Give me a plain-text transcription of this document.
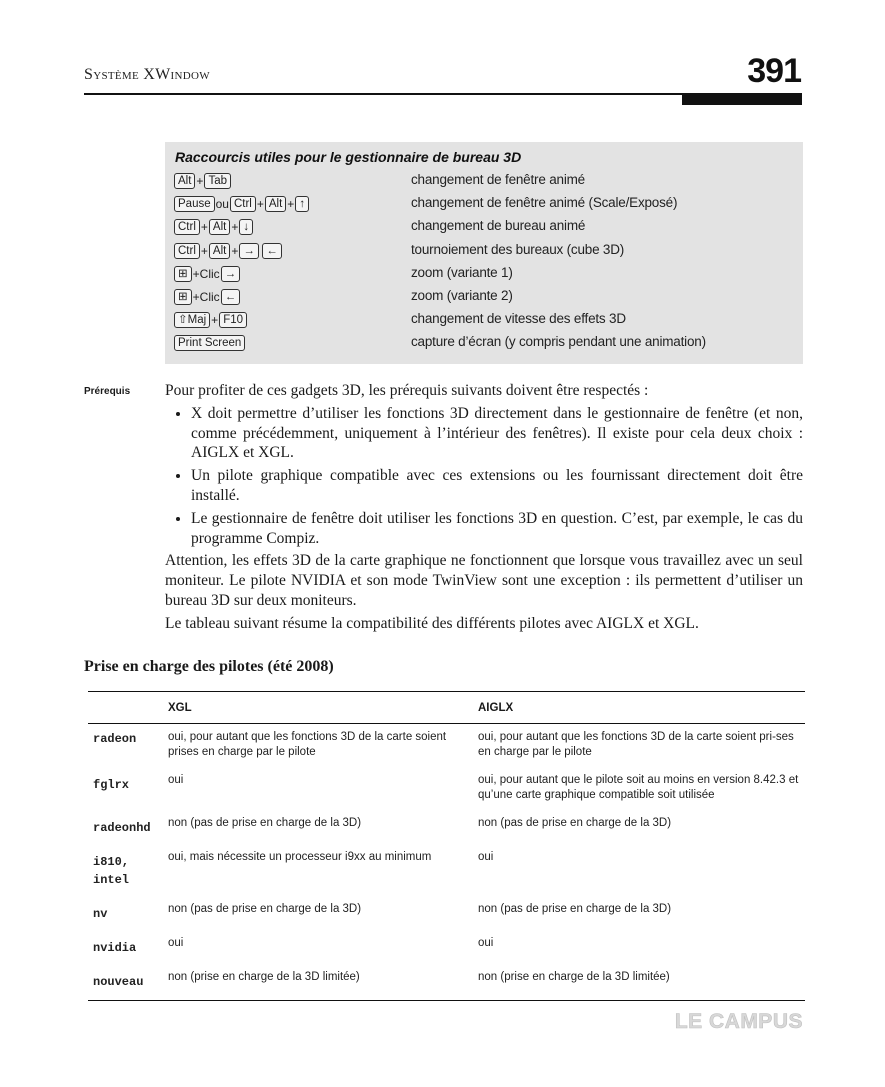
Système XWindow	391
Raccourcis utiles pour le gestionnaire de bureau 3D
Alt + Tab	changement de fenêtre animé
Pause ou Ctrl + Alt + ↑	changement de fenêtre animé (Scale/Exposé)
Ctrl + Alt + ↓	changement de bureau animé
Ctrl + Alt + → ←	tournoiement des bureaux (cube 3D)
⊞ +Clic →	zoom (variante 1)
⊞ +Clic ←	zoom (variante 2)
⇧Maj + F10	changement de vitesse des effets 3D
Print Screen	capture d’écran (y compris pendant une animation)
Prérequis Pour profiter de ces gadgets 3D, les prérequis suivants doivent être respectés :

• X doit permettre d’utiliser les fonctions 3D directement dans le gestionnaire de fenêtre (et non, comme précédemment, uniquement à l’intérieur des fenêtres). Il existe pour cela deux choix : AIGLX et XGL.
• Un pilote graphique compatible avec ces extensions ou les fournissant directement doit être installé.
• Le gestionnaire de fenêtre doit utiliser les fonctions 3D en question. C’est, par exemple, le cas du programme Compiz.

Attention, les effets 3D de la carte graphique ne fonctionnent que lorsque vous travaillez avec un seul moniteur. Le pilote NVIDIA et son mode TwinView sont une exception : ils permettent d’utiliser un bureau 3D sur deux moniteurs.

Le tableau suivant résume la compatibilité des différents pilotes avec AIGLX et XGL.

Prise en charge des pilotes (été 2008)
	XGL	AIGLX
radeon	oui, pour autant que les fonctions 3D de la carte soient prises en charge par le pilote	oui, pour autant que les fonctions 3D de la carte soient pri-ses en charge par le pilote
fglrx	oui	oui, pour autant que le pilote soit au moins en version 8.42.3 et qu’une carte graphique compatible soit utilisée
radeonhd	non (pas de prise en charge de la 3D)	non (pas de prise en charge de la 3D)
i810, intel	oui, mais nécessite un processeur i9xx au minimum	oui
nv	non (pas de prise en charge de la 3D)	non (pas de prise en charge de la 3D)
nvidia	oui	oui
nouveau	non (prise en charge de la 3D limitée)	non (prise en charge de la 3D limitée)
LE CAMPUS
